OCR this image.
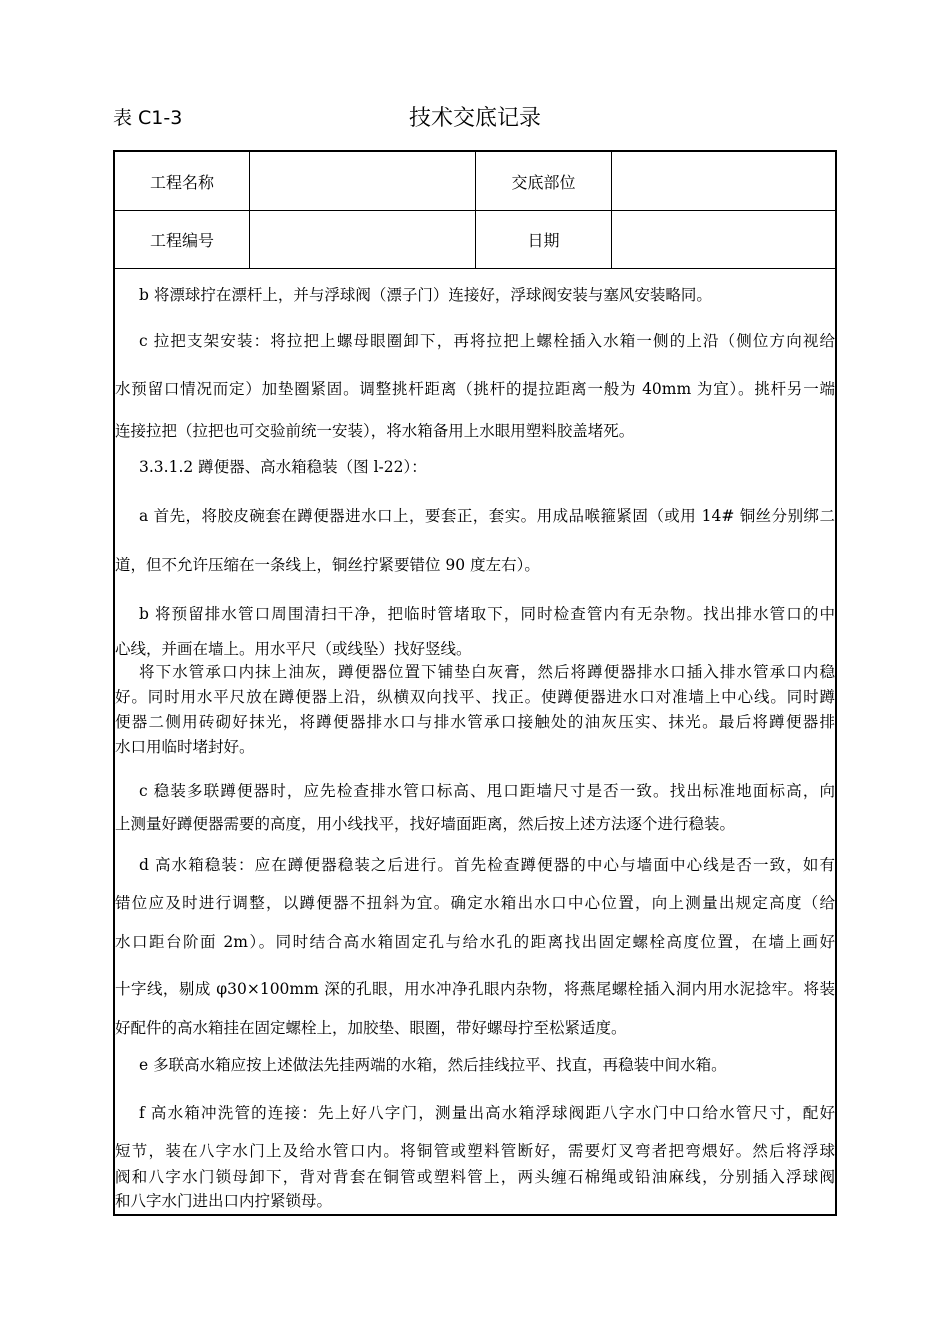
表 C1-3	技术交底记录
工程名称	交底部位
工程编号	日期
b 将漂球拧在漂杆上，并与浮球阀（漂子门）连接好，浮球阀安装与塞风安装略同。
c 拉把支架安装：将拉把上螺母眼圈卸下，再将拉把上螺栓插入水箱一侧的上沿（侧位方向视给
水预留口情况而定）加垫圈紧固。调整挑杆距离（挑杆的提拉距离一般为 40mm 为宜）。挑杆另一端
连接拉把（拉把也可交验前统一安装），将水箱备用上水眼用塑料胶盖堵死。
3.3.1.2 蹲便器、高水箱稳装（图 l-22）：
a 首先，将胶皮碗套在蹲便器进水口上，要套正，套实。用成品喉箍紧固（或用 14# 铜丝分别绑二
道，但不允许压缩在一条线上，铜丝拧紧要错位 90 度左右）。
b 将预留排水管口周围清扫干净，把临时管堵取下，同时检查管内有无杂物。找出排水管口的中
心线，并画在墙上。用水平尺（或线坠）找好竖线。
将下水管承口内抹上油灰，蹲便器位置下铺垫白灰膏，然后将蹲便器排水口插入排水管承口内稳
好。同时用水平尺放在蹲便器上沿，纵横双向找平、找正。使蹲便器进水口对准墙上中心线。同时蹲
便器二侧用砖砌好抹光，将蹲便器排水口与排水管承口接触处的油灰压实、抹光。最后将蹲便器排
水口用临时堵封好。
c 稳装多联蹲便器时，应先检查排水管口标高、甩口距墙尺寸是否一致。找出标准地面标高，向
上测量好蹲便器需要的高度，用小线找平，找好墙面距离，然后按上述方法逐个进行稳装。
d 高水箱稳装：应在蹲便器稳装之后进行。首先检查蹲便器的中心与墙面中心线是否一致，如有
错位应及时进行调整，以蹲便器不扭斜为宜。确定水箱出水口中心位置，向上测量出规定高度（给
水口距台阶面 2m）。同时结合高水箱固定孔与给水孔的距离找出固定螺栓高度位置，在墙上画好
十字线，剔成 φ30×100mm 深的孔眼，用水冲净孔眼内杂物，将燕尾螺栓插入洞内用水泥捻牢。将装
好配件的高水箱挂在固定螺栓上，加胶垫、眼圈，带好螺母拧至松紧适度。
e 多联高水箱应按上述做法先挂两端的水箱，然后挂线拉平、找直，再稳装中间水箱。
f 高水箱冲洗管的连接：先上好八字门，测量出高水箱浮球阀距八字水门中口给水管尺寸，配好
短节，装在八字水门上及给水管口内。将铜管或塑料管断好，需要灯叉弯者把弯煨好。然后将浮球
阀和八字水门锁母卸下，背对背套在铜管或塑料管上，两头缠石棉绳或铅油麻线，分别插入浮球阀
和八字水门进出口内拧紧锁母。
